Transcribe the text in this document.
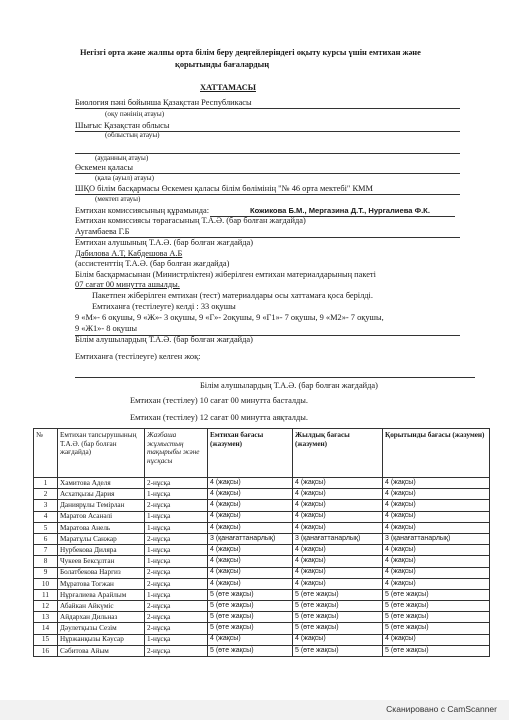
Негізгі орта және жалпы орта білім беру деңгейлеріндегі оқыту курсы үшін емтихан және
қорытынды бағалардың
ХАТТАМАСЫ
Биология пәні бойынша Қазақстан Республикасы
(оқу пәнінің атауы)
Шығыс Қазақстан облысы
(облыстың атауы)
(ауданның атауы)
Өскемен қаласы
(қала (ауыл) атауы)
ШҚО білім басқармасы Өскемен қаласы білім бөлімінің "№ 46 орта мектебі" КММ
(мектеп атауы)
Емтихан комиссиясының құрамында:	Кожикова Б.М., Мергазина Д.Т., Нургалиева Ф.К.
Емтихан комиссиясы төрағасының Т.А.Ә. (бар болған жағдайда)
Аугамбаева Г.Б
Емтихан алушының Т.А.Ә. (бар болған жағдайда)
Дабилова А.Т, Кабдешова А.Б
(ассистенттің Т.А.Ә. (бар болған жағдайда)
Білім басқармасынан (Министрліктен) жіберілген емтихан материалдарының пакеті
07 сағат 00 минутта ашылды.
Пакетпен жіберілген емтихан (тест) материалдары осы хаттамаға қоса берілді.
Емтиханға (тестілеуге) келді : 33 оқушы
9 «М»- 6 оқушы, 9 «Ж»- 3 оқушы, 9 «Г»- 2оқушы, 9 «Г1»- 7 оқушы, 9 «М2»- 7 оқушы,
9 «Ж1»- 8 оқушы
Білім алушылардың Т.А.Ә. (бар болған жағдайда)
Емтиханға (тестілеуге) келген жоқ:
Білім алушылардың Т.А.Ә. (бар болған жағдайда)
Емтихан (тестілеу) 10 сағат 00 минутта басталды.
Емтихан (тестілеу) 12 сағат 00 минутта аяқталды.
№	Емтихан тапсырушының Т.А.Ә. (бар болған жағдайда)	Жазбаша жұмыстың тақырыбы және нұсқасы	Емтихан бағасы (жазумен)	Жылдық бағасы (жазумен)	Қорытынды бағасы (жазумен)
1	Хамитова Аделя	2-нұсқа	4 (жақсы)	4 (жақсы)	4 (жақсы)
2	Асхатқызы Дария	1-нұсқа	4 (жақсы)	4 (жақсы)	4 (жақсы)
3	Даниярұлы Темірлан	2-нұсқа	4 (жақсы)	4 (жақсы)	4 (жақсы)
4	Маратов Асанәлі	1-нұсқа	4 (жақсы)	4 (жақсы)	4 (жақсы)
5	Маратова Анель	1-нұсқа	4 (жақсы)	4 (жақсы)	4 (жақсы)
6	Маратұлы Санжар	2-нұсқа	3 (қанағаттанарлық)	3 (қанағаттанарлық)	3 (қанағаттанарлық)
7	Нурбекова Диляра	1-нұсқа	4 (жақсы)	4 (жақсы)	4 (жақсы)
8	Чукеев Бексұлтан	1-нұсқа	4 (жақсы)	4 (жақсы)	4 (жақсы)
9	Болатбекова Наргиз	2-нұсқа	4 (жақсы)	4 (жақсы)	4 (жақсы)
10	Мұратова Тогжан	2-нұсқа	4 (жақсы)	4 (жақсы)	4 (жақсы)
11	Нұрғалиева Арайлым	1-нұсқа	5 (өте жақсы)	5 (өте жақсы)	5 (өте жақсы)
12	Абайкан Айкүміс	2-нұсқа	5 (өте жақсы)	5 (өте жақсы)	5 (өте жақсы)
13	Айдархан Дильназ	2-нұсқа	5 (өте жақсы)	5 (өте жақсы)	5 (өте жақсы)
14	Дәулетқызы Сезім	2-нұсқа	5 (өте жақсы)	5 (өте жақсы)	5 (өте жақсы)
15	Нұржанқызы Кәусар	1-нұсқа	4 (жақсы)	4 (жақсы)	4 (жақсы)
16	Сәбитова Айым	2-нұсқа	5 (өте жақсы)	5 (өте жақсы)	5 (өте жақсы)
Сканировано с CamScanner
